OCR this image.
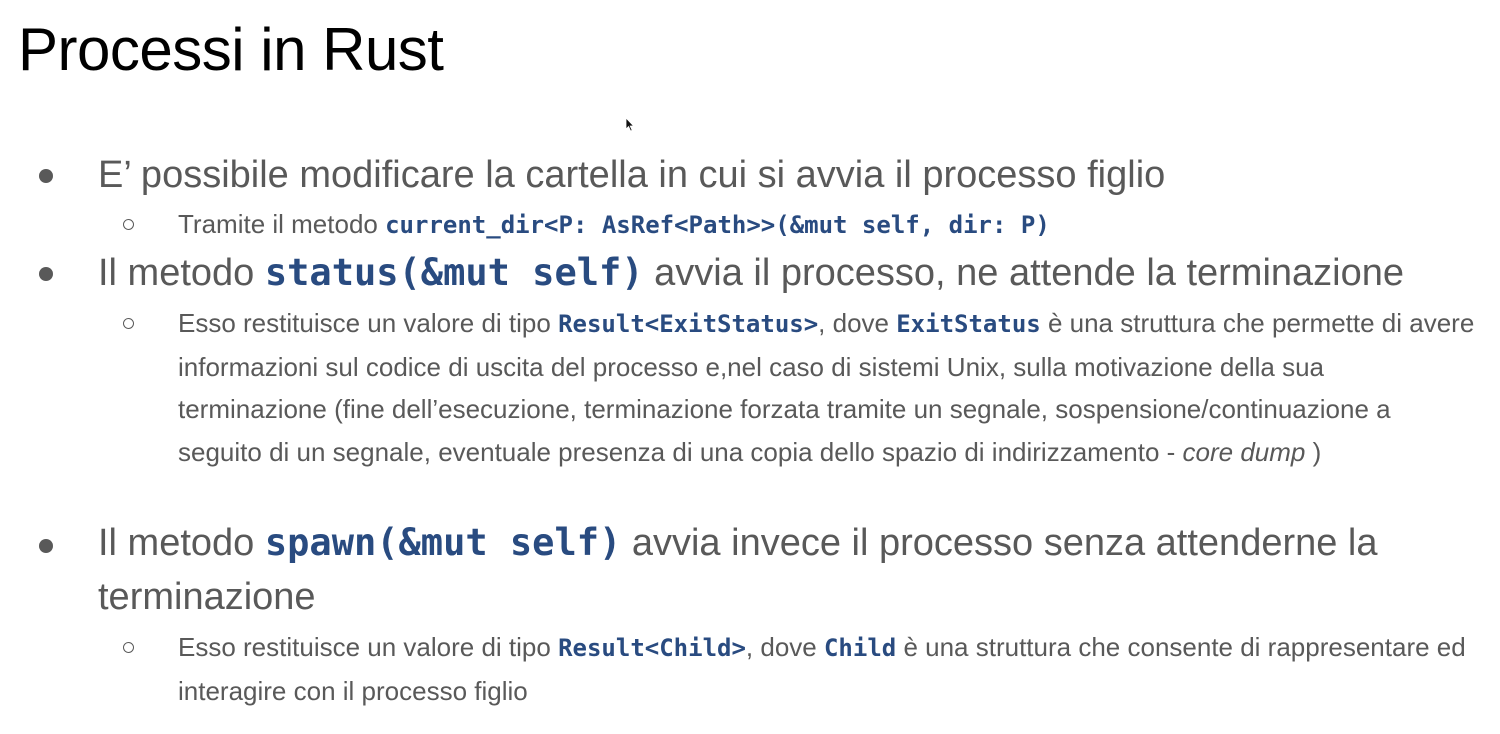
Processi in Rust
E’ possibile modificare la cartella in cui si avvia il processo figlio
Tramite il metodo current_dir<P: AsRef<Path>>(&mut self, dir: P)
Il metodo status(&mut self) avvia il processo, ne attende la terminazione
Esso restituisce un valore di tipo Result<ExitStatus>, dove ExitStatus è una struttura che permette di avere informazioni sul codice di uscita del processo e,nel caso di sistemi Unix, sulla motivazione della sua terminazione (fine dell’esecuzione, terminazione forzata tramite un segnale, sospensione/continuazione a seguito di un segnale, eventuale presenza di una copia dello spazio di indirizzamento - core dump )
Il metodo spawn(&mut self) avvia invece il processo senza attenderne la terminazione
Esso restituisce un valore di tipo Result<Child>, dove Child è una struttura che consente di rappresentare ed interagire con il processo figlio
